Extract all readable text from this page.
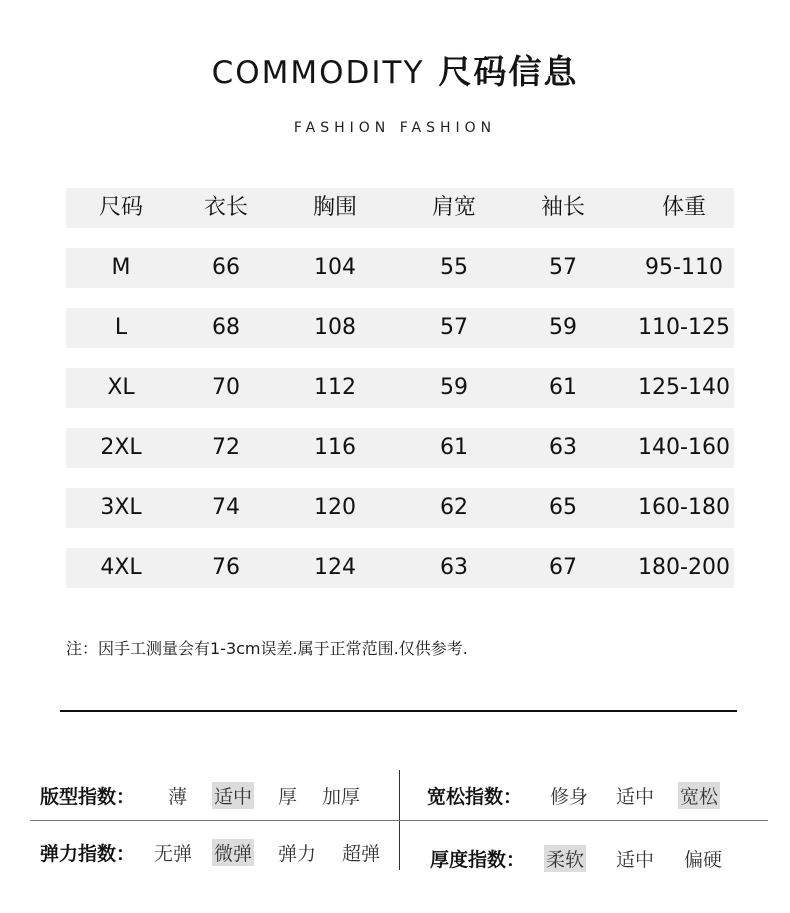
COMMODITY 尺码信息
FASHION FASHION
尺码	衣长	胸围	肩宽	袖长	体重
M	66	104	55	57	95-110
L	68	108	57	59	110-125
XL	70	112	59	61	125-140
2XL	72	116	61	63	140-160
3XL	74	120	62	65	160-180
4XL	76	124	63	67	180-200
注：因手工测量会有1-3cm误差.属于正常范围.仅供参考.
版型指数： 薄 适中 厚 加厚	宽松指数： 修身 适中 宽松
弹力指数： 无弹 微弹 弹力 超弹	厚度指数： 柔软 适中 偏硬
